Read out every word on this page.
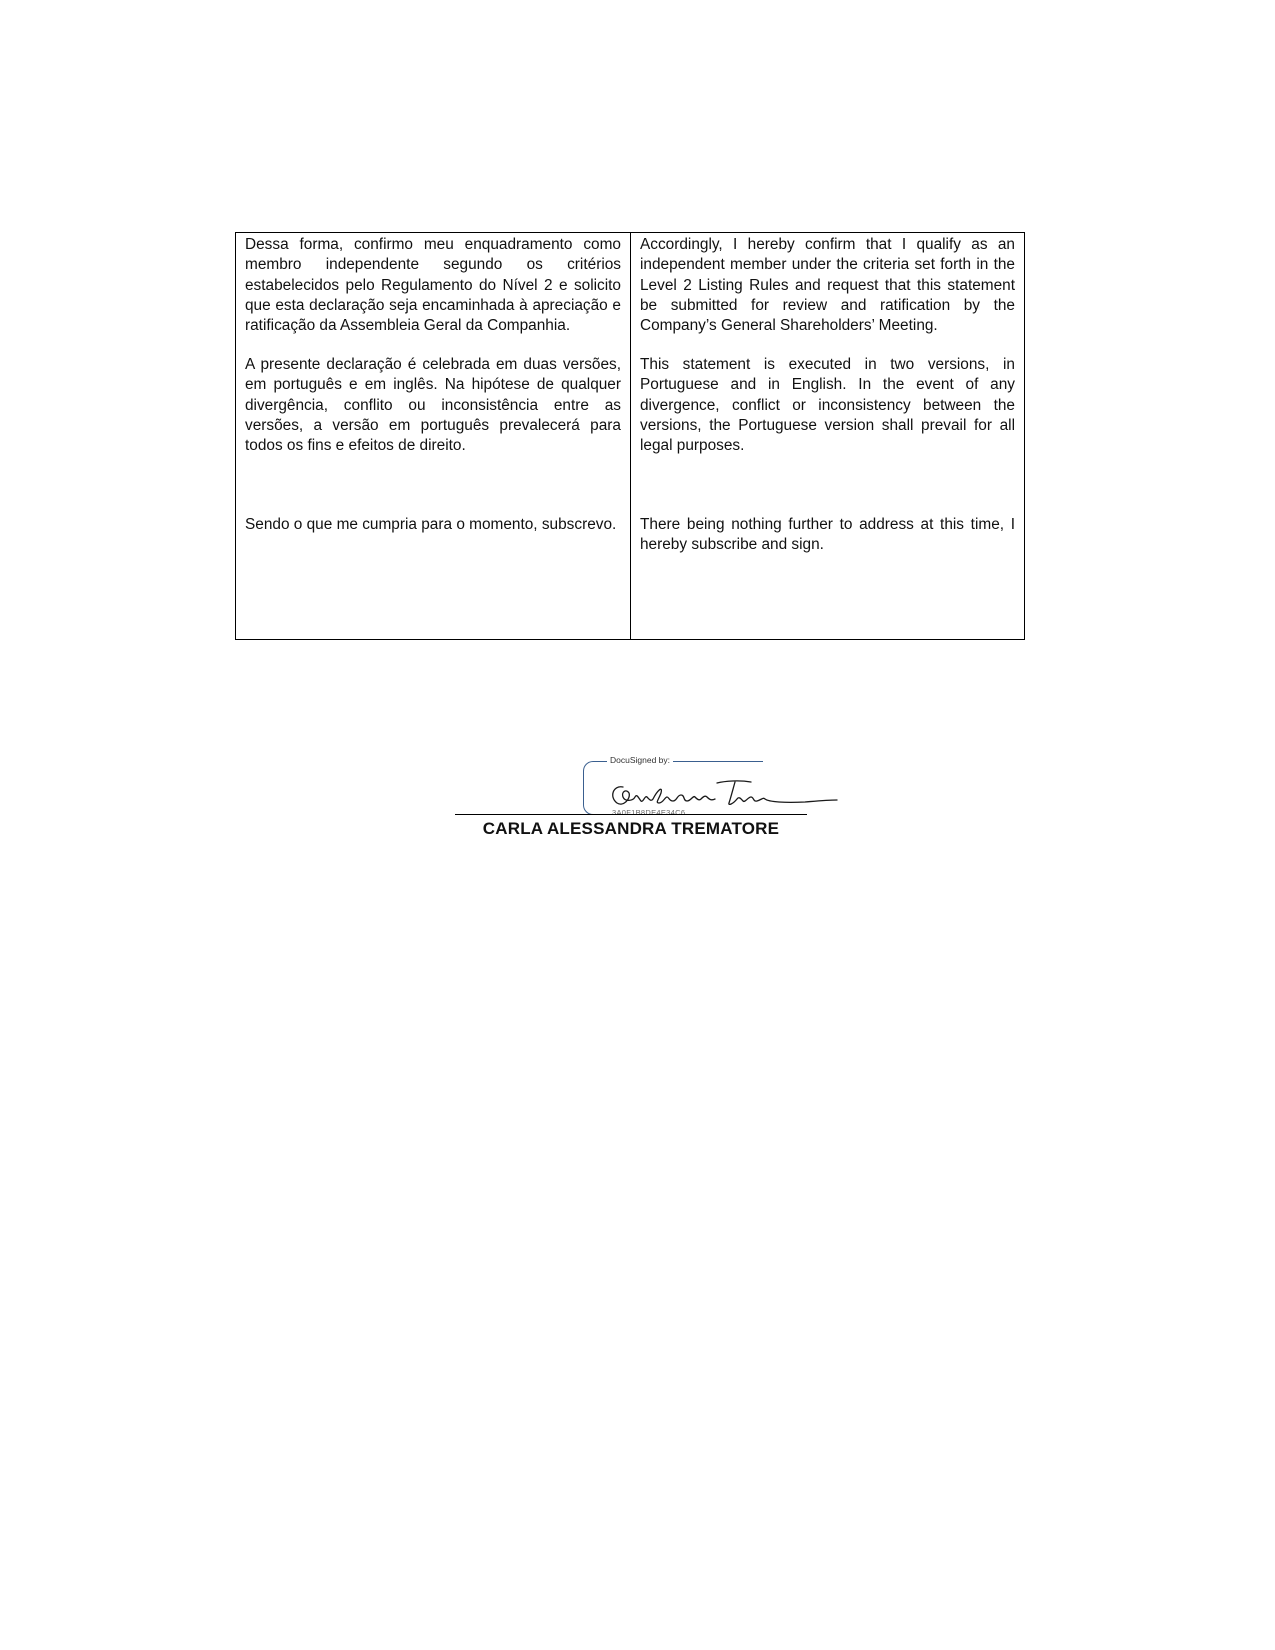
Dessa forma, confirmo meu enquadramento como membro independente segundo os critérios estabelecidos pelo Regulamento do Nível 2 e solicito que esta declaração seja encaminhada à apreciação e ratificação da Assembleia Geral da Companhia.

A presente declaração é celebrada em duas versões, em português e em inglês. Na hipótese de qualquer divergência, conflito ou inconsistência entre as versões, a versão em português prevalecerá para todos os fins e efeitos de direito.

Sendo o que me cumpria para o momento, subscrevo.

Accordingly, I hereby confirm that I qualify as an independent member under the criteria set forth in the Level 2 Listing Rules and request that this statement be submitted for review and ratification by the Company’s General Shareholders’ Meeting.

This statement is executed in two versions, in Portuguese and in English. In the event of any divergence, conflict or inconsistency between the versions, the Portuguese version shall prevail for all legal purposes.

There being nothing further to address at this time, I hereby subscribe and sign.

DocuSigned by:
Carla Alessandra Trematore
3A0F1B8DE4E34C6...
CARLA ALESSANDRA TREMATORE
